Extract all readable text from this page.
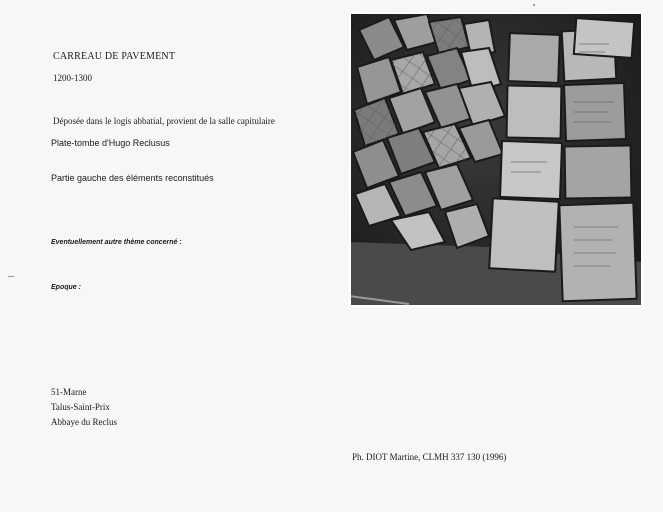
CARREAU DE PAVEMENT
1200-1300
Déposée dans le logis abbatial, provient de la salle capitulaire
Plate-tombe d'Hugo Reclusus
Partie gauche des éléments reconstitués
Eventuellement autre thème concerné :
Epoque :
51-Marne
Talus-Saint-Prix
Abbaye du Reclus
Ph. DIOT Martine, CLMH 337 130 (1996)
